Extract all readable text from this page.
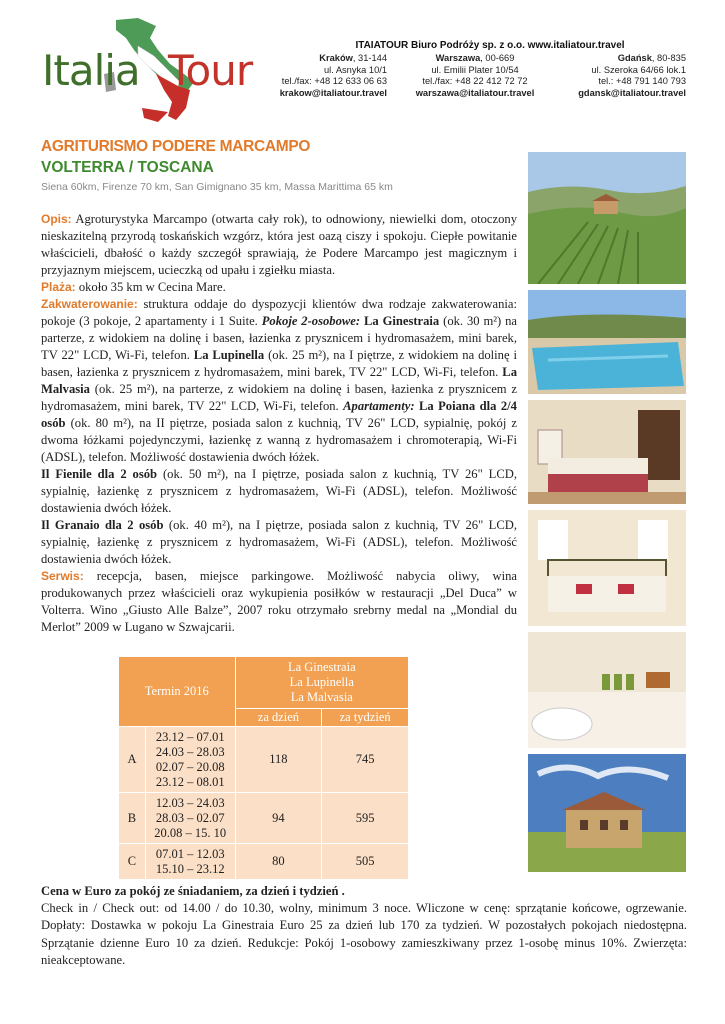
Italia Tour
ITAIATOUR Biuro Podróży sp. z o.o. www.italiatour.travel
Kraków, 31-144
ul. Asnyka 10/1
tel./fax: +48 12 633 06 63
krakow@italiatour.travel
Warszawa, 00-669
ul. Emilii Plater 10/54
tel./fax: +48 22 412 72 72
warszawa@italiatour.travel
Gdańsk, 80-835
ul. Szeroka 64/66 lok.1
tel.: +48 791 140 793
gdansk@italiatour.travel
AGRITURISMO PODERE MARCAMPO
VOLTERRA / TOSCANA
Siena 60km, Firenze 70 km, San Gimignano 35 km, Massa Marittima 65 km

Opis: Agroturystyka Marcampo (otwarta cały rok), to odnowiony, niewielki dom, otoczony nieskazitelną przyrodą toskańskich wzgórz, która jest oazą ciszy i spokoju. Ciepłe powitanie właścicieli, dbałość o każdy szczegół sprawiają, że Podere Marcampo jest magicznym i przyjaznym miejscem, ucieczką od upału i zgiełku miasta.

Plaża: około 35 km w Cecina Mare.

Zakwaterowanie: struktura oddaje do dyspozycji klientów dwa rodzaje zakwaterowania: pokoje (3 pokoje, 2 apartamenty i 1 Suite. Pokoje 2-osobowe: La Ginestraia (ok. 30 m²) na parterze, z widokiem na dolinę i basen, łazienka z prysznicem i hydromasażem, mini barek, TV 22" LCD, Wi-Fi, telefon. La Lupinella (ok. 25 m²), na I piętrze, z widokiem na dolinę i basen, łazienka z prysznicem z hydromasażem, mini barek, TV 22" LCD, Wi-Fi, telefon. La Malvasia (ok. 25 m²), na parterze, z widokiem na dolinę i basen, łazienka z prysznicem z hydromasażem, mini barek, TV 22" LCD, Wi-Fi, telefon. Apartamenty: La Poiana dla 2/4 osób (ok. 80 m²), na II piętrze, posiada salon z kuchnią, TV 26" LCD, sypialnię, pokój z dwoma łóżkami pojedynczymi, łazienkę z wanną z hydromasażem i chromoterapią, Wi-Fi (ADSL), telefon. Możliwość dostawienia dwóch łóżek.

Il Fienile dla 2 osób (ok. 50 m²), na I piętrze, posiada salon z kuchnią, TV 26" LCD, sypialnię, łazienkę z prysznicem z hydromasażem, Wi-Fi (ADSL), telefon. Możliwość dostawienia dwóch łóżek.

Il Granaio dla 2 osób (ok. 40 m²), na I piętrze, posiada salon z kuchnią, TV 26" LCD, sypialnię, łazienkę z prysznicem z hydromasażem, Wi-Fi (ADSL), telefon. Możliwość dostawienia dwóch łóżek.

Serwis: recepcja, basen, miejsce parkingowe. Możliwość nabycia oliwy, wina produkowanych przez właścicieli oraz wykupienia posiłków w restauracji „Del Duca” w Volterra. Wino „Giusto Alle Balze”, 2007 roku otrzymało srebrny medal na „Mondial du Merlot” 2009 w Lugano w Szwajcarii.

Termin 2016		La Ginestraia
La Lupinella
La Malvasia	

		za dzień	za tydzień
A	23.12 – 07.01
24.03 – 28.03
02.07 – 20.08
23.12 – 08.01	118	745
B	12.03 – 24.03
28.03 – 02.07
20.08 – 15. 10	94	595
C	07.01 – 12.03
15.10 – 23.12	80	505
Cena w Euro za pokój ze śniadaniem, za dzień i tydzień .
Check in / Check out: od 14.00 / do 10.30, wolny, minimum 3 noce. Wliczone w cenę: sprzątanie końcowe, ogrzewanie. Dopłaty: Dostawka w pokoju La Ginestraia Euro 25 za dzień lub 170 za tydzień. W pozostałych pokojach niedostępna. Sprzątanie dzienne Euro 10 za dzień. Redukcje: Pokój 1-osobowy zamieszkiwany przez 1-osobę minus 10%. Zwierzęta: nieakceptowane.
